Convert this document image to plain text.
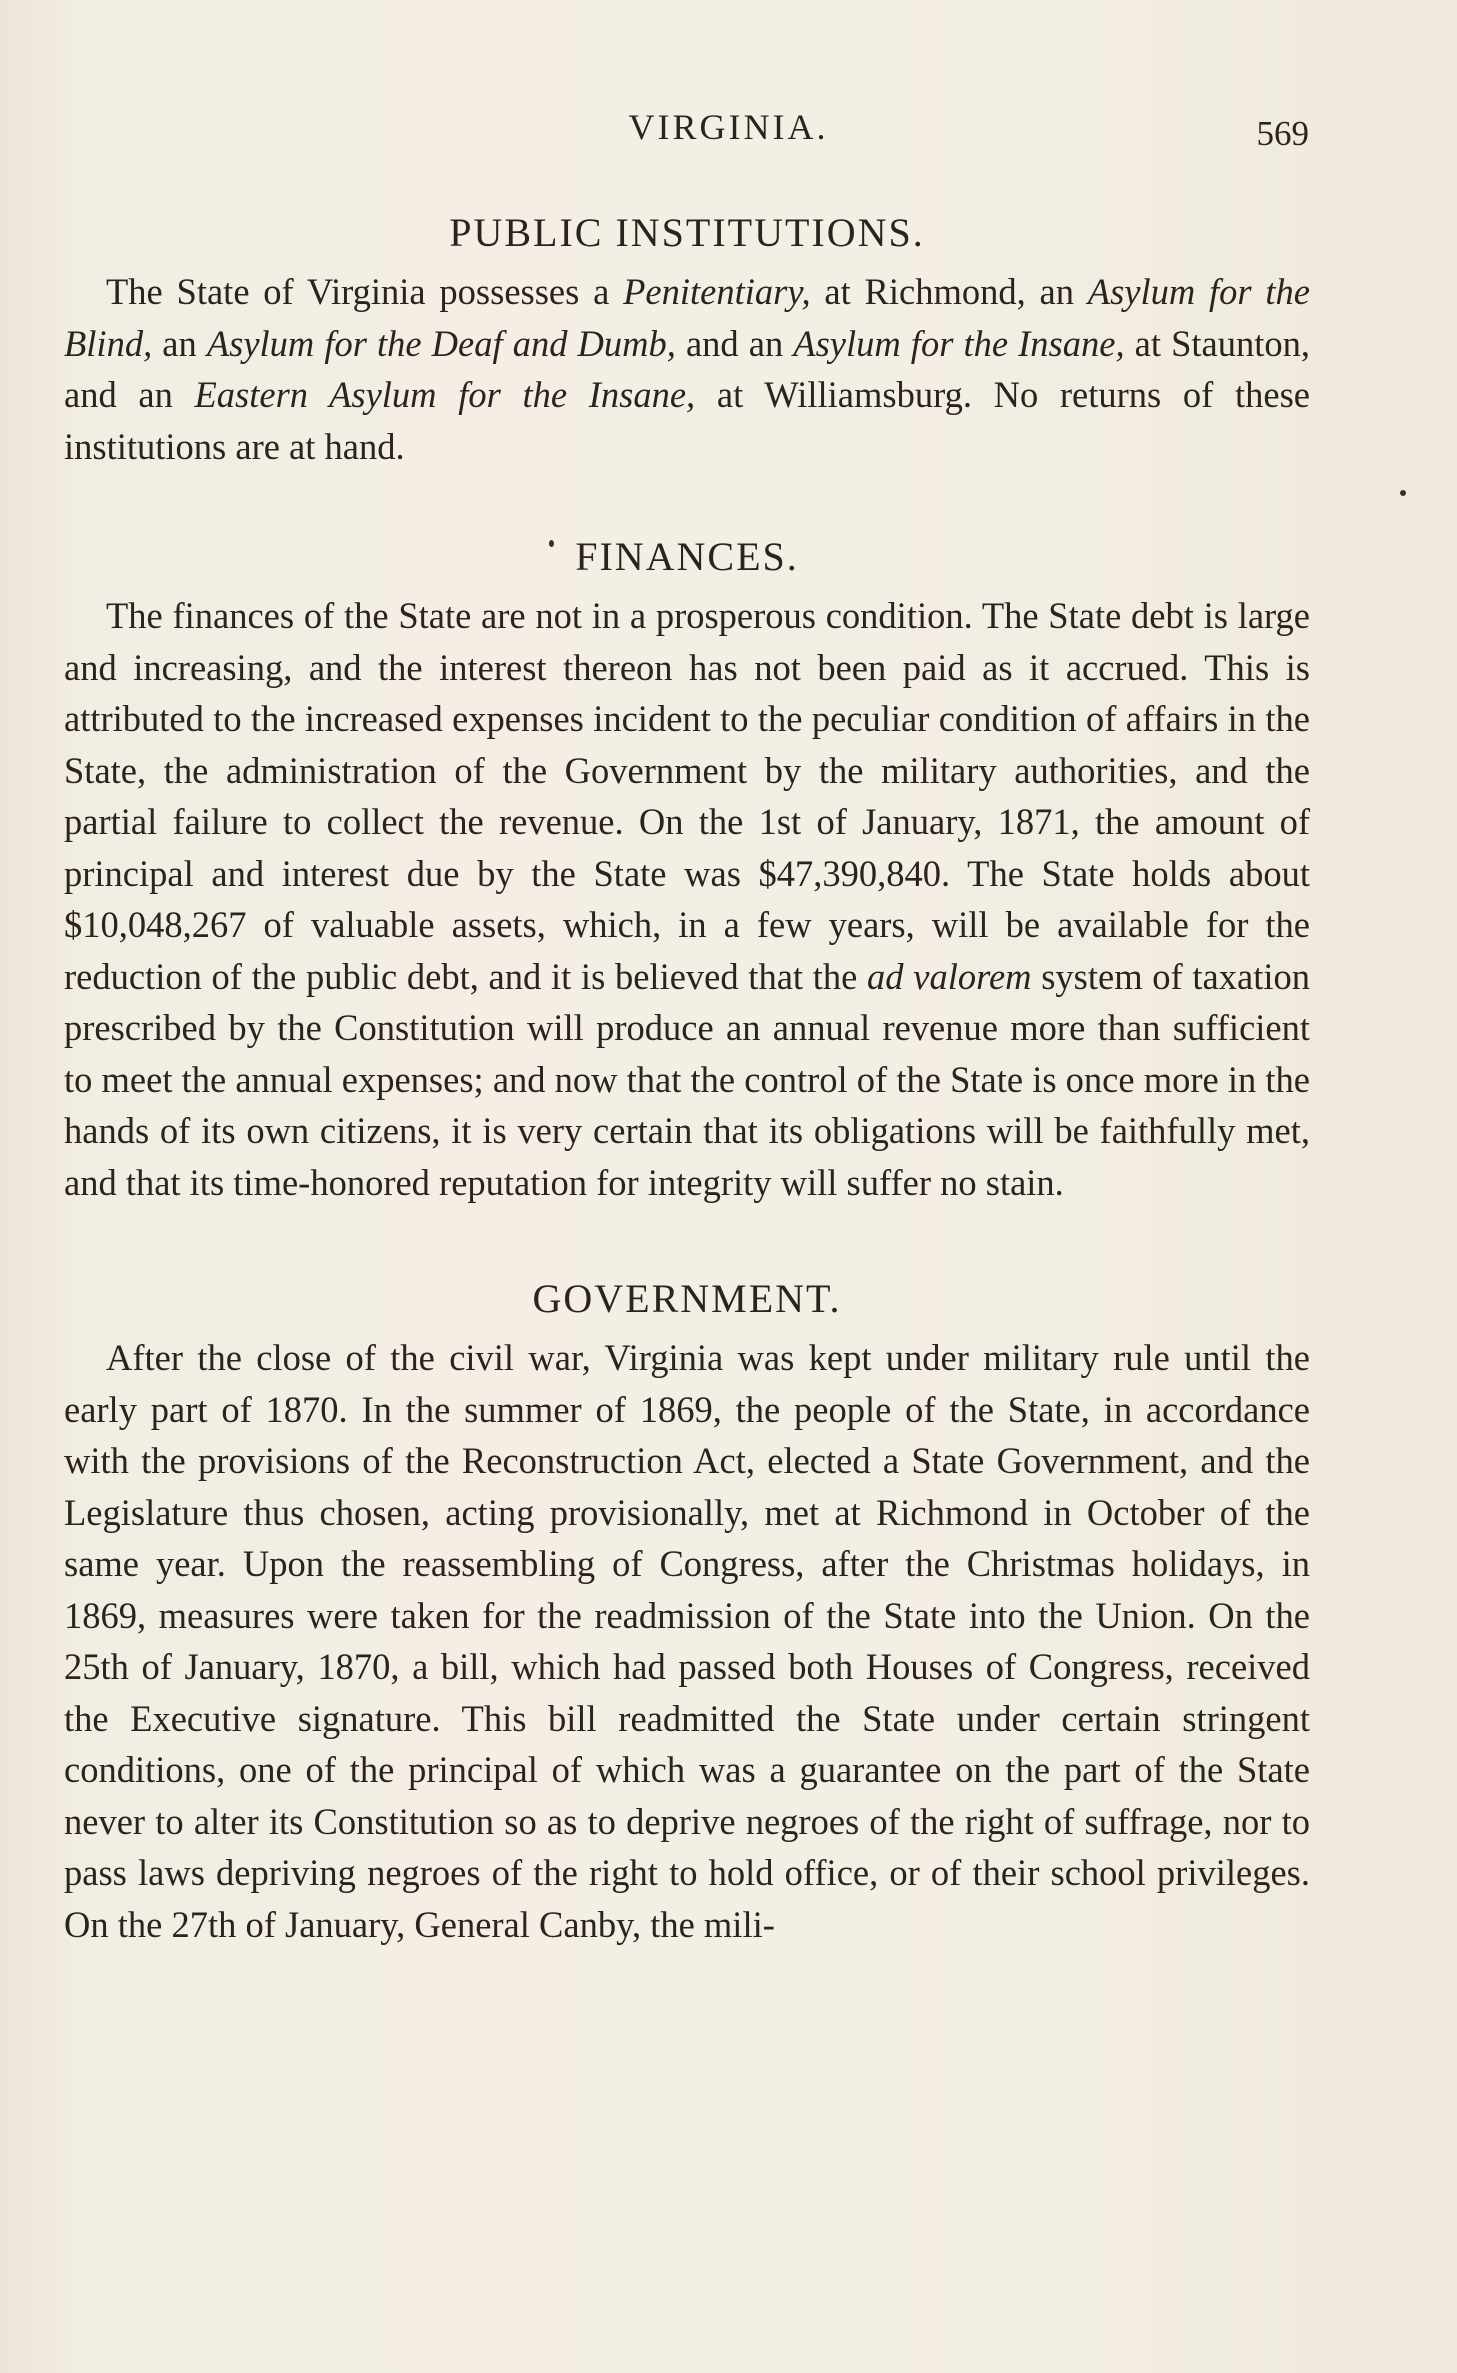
VIRGINIA.	569
PUBLIC INSTITUTIONS.

The State of Virginia possesses a Penitentiary, at Richmond, an Asylum for the Blind, an Asylum for the Deaf and Dumb, and an Asylum for the Insane, at Staunton, and an Eastern Asylum for the Insane, at Williamsburg. No returns of these institutions are at hand.

FINANCES.

The finances of the State are not in a prosperous condition. The State debt is large and increasing, and the interest thereon has not been paid as it accrued. This is attributed to the increased expenses incident to the peculiar condition of affairs in the State, the administration of the Government by the military authorities, and the partial failure to collect the revenue. On the 1st of January, 1871, the amount of principal and interest due by the State was $47,390,840. The State holds about $10,048,267 of valuable assets, which, in a few years, will be available for the reduction of the public debt, and it is believed that the ad valorem system of taxation prescribed by the Constitution will produce an annual revenue more than sufficient to meet the annual expenses; and now that the control of the State is once more in the hands of its own citizens, it is very certain that its obligations will be faithfully met, and that its time-honored reputation for integrity will suffer no stain.

GOVERNMENT.

After the close of the civil war, Virginia was kept under military rule until the early part of 1870. In the summer of 1869, the people of the State, in accordance with the provisions of the Reconstruction Act, elected a State Government, and the Legislature thus chosen, acting provisionally, met at Richmond in October of the same year. Upon the reassembling of Congress, after the Christmas holidays, in 1869, measures were taken for the readmission of the State into the Union. On the 25th of January, 1870, a bill, which had passed both Houses of Congress, received the Executive signature. This bill readmitted the State under certain stringent conditions, one of the principal of which was a guarantee on the part of the State never to alter its Constitution so as to deprive negroes of the right of suffrage, nor to pass laws depriving negroes of the right to hold office, or of their school privileges. On the 27th of January, General Canby, the mili-
